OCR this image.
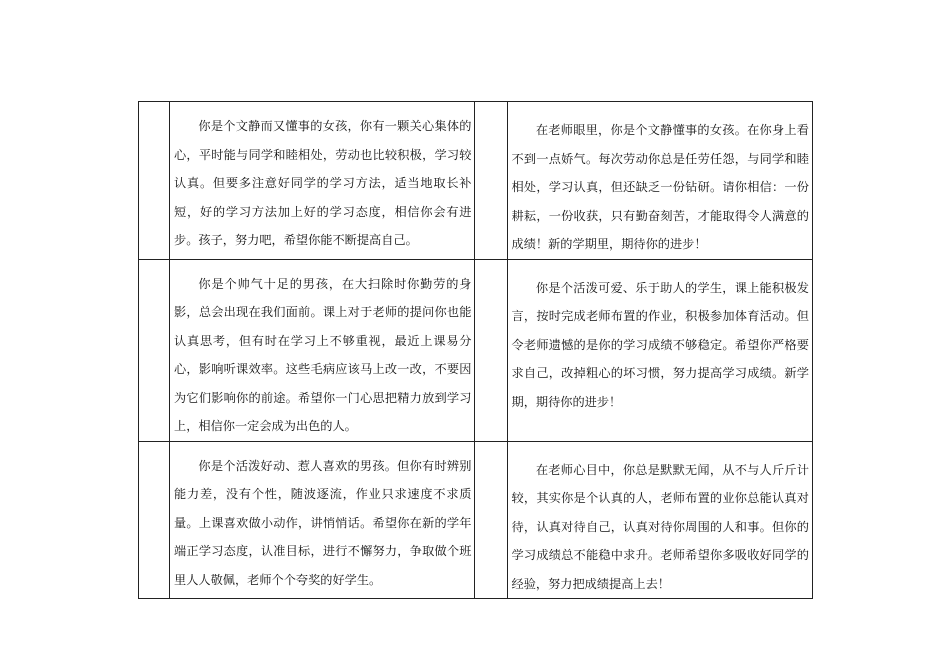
	你是个文静而又懂事的女孩，你有一颗关心集体的心，平时能与同学和睦相处，劳动也比较积极，学习较认真。但要多注意好同学的学习方法，适当地取长补短，好的学习方法加上好的学习态度，相信你会有进步。孩子，努力吧，希望你能不断提高自己。		在老师眼里，你是个文静懂事的女孩。在你身上看不到一点娇气。每次劳动你总是任劳任怨，与同学和睦相处，学习认真，但还缺乏一份钻研。请你相信：一份耕耘，一份收获，只有勤奋刻苦，才能取得令人满意的成绩！新的学期里，期待你的进步！

	你是个帅气十足的男孩，在大扫除时你勤劳的身影，总会出现在我们面前。课上对于老师的提问你也能认真思考，但有时在学习上不够重视，最近上课易分心，影响听课效率。这些毛病应该马上改一改，不要因为它们影响你的前途。希望你一门心思把精力放到学习上，相信你一定会成为出色的人。		你是个活泼可爱、乐于助人的学生，课上能积极发言，按时完成老师布置的作业，积极参加体育活动。但令老师遗憾的是你的学习成绩不够稳定。希望你严格要求自己，改掉粗心的坏习惯，努力提高学习成绩。新学期，期待你的进步！

	你是个活泼好动、惹人喜欢的男孩。但你有时辨别能力差，没有个性，随波逐流，作业只求速度不求质量。上课喜欢做小动作，讲悄悄话。希望你在新的学年端正学习态度，认准目标，进行不懈努力，争取做个班里人人敬佩，老师个个夸奖的好学生。		在老师心目中，你总是默默无闻，从不与人斤斤计较，其实你是个认真的人，老师布置的业你总能认真对待，认真对待自己，认真对待你周围的人和事。但你的学习成绩总不能稳中求升。老师希望你多吸收好同学的经验，努力把成绩提高上去！
